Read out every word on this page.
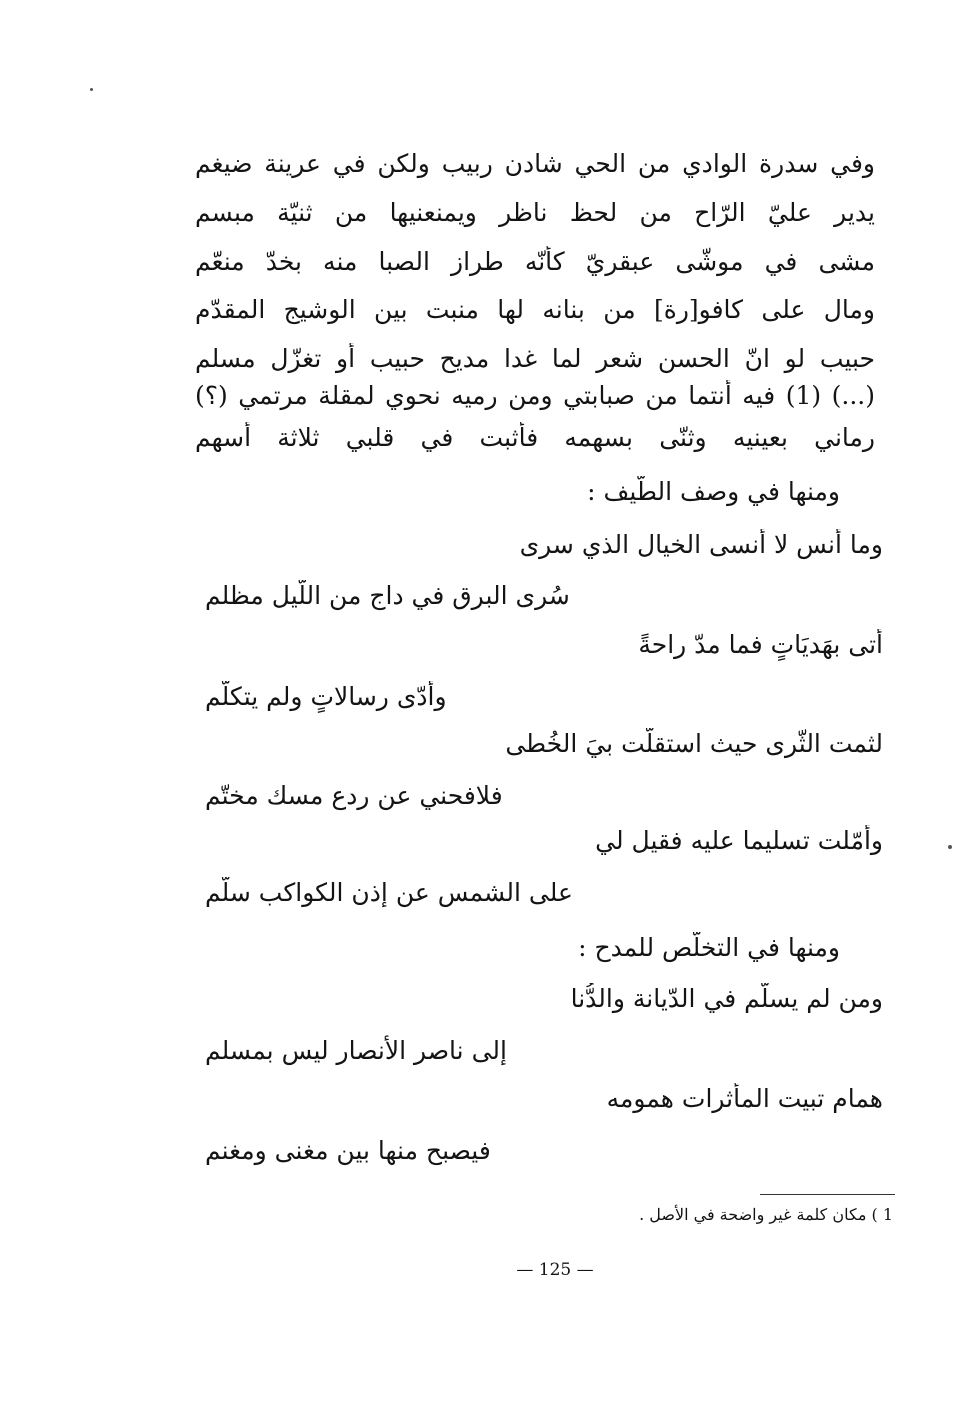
وفي سدرة الوادي من الحي شادن ربيب ولكن في عرينة ضيغم
يدير عليّ الرّاح من لحظ ناظر ويمنعنيها من ثنيّة مبسم
مشى في موشّى عبقريّ كأنّه طراز الصبا منه بخدّ منعّم
ومال على كافو[رة] من بنانه لها منبت بين الوشيج المقدّم
حبيب لو انّ الحسن شعر لما غدا مديح حبيب أو تغزّل مسلم
(...) (1) فيه أنتما من صبابتي ومن رميه نحوي لمقلة مرتمي (؟)
رماني بعينيه وثنّى بسهمه فأثبت في قلبي ثلاثة أسهم
ومنها في وصف الطّيف :
وما أنس لا أنسى الخيال الذي سرى
سُرى البرق في داج من اللّيل مظلم
أتى بهَديَاتٍ فما مدّ راحةً
وأدّى رسالاتٍ ولم يتكلّم
لثمت الثّرى حيث استقلّت بيَ الخُطى
فلافحني عن ردع مسك مختّم
وأمّلت تسليما عليه فقيل لي
على الشمس عن إذن الكواكب سلّم
ومنها في التخلّص للمدح :
ومن لم يسلّم في الدّيانة والدُّنا
إلى ناصر الأنصار ليس بمسلم
همام تبيت المأثرات همومه
فيصبح منها بين مغنى ومغنم
1 ) مكان كلمة غير واضحة في الأصل .
— 125 —
